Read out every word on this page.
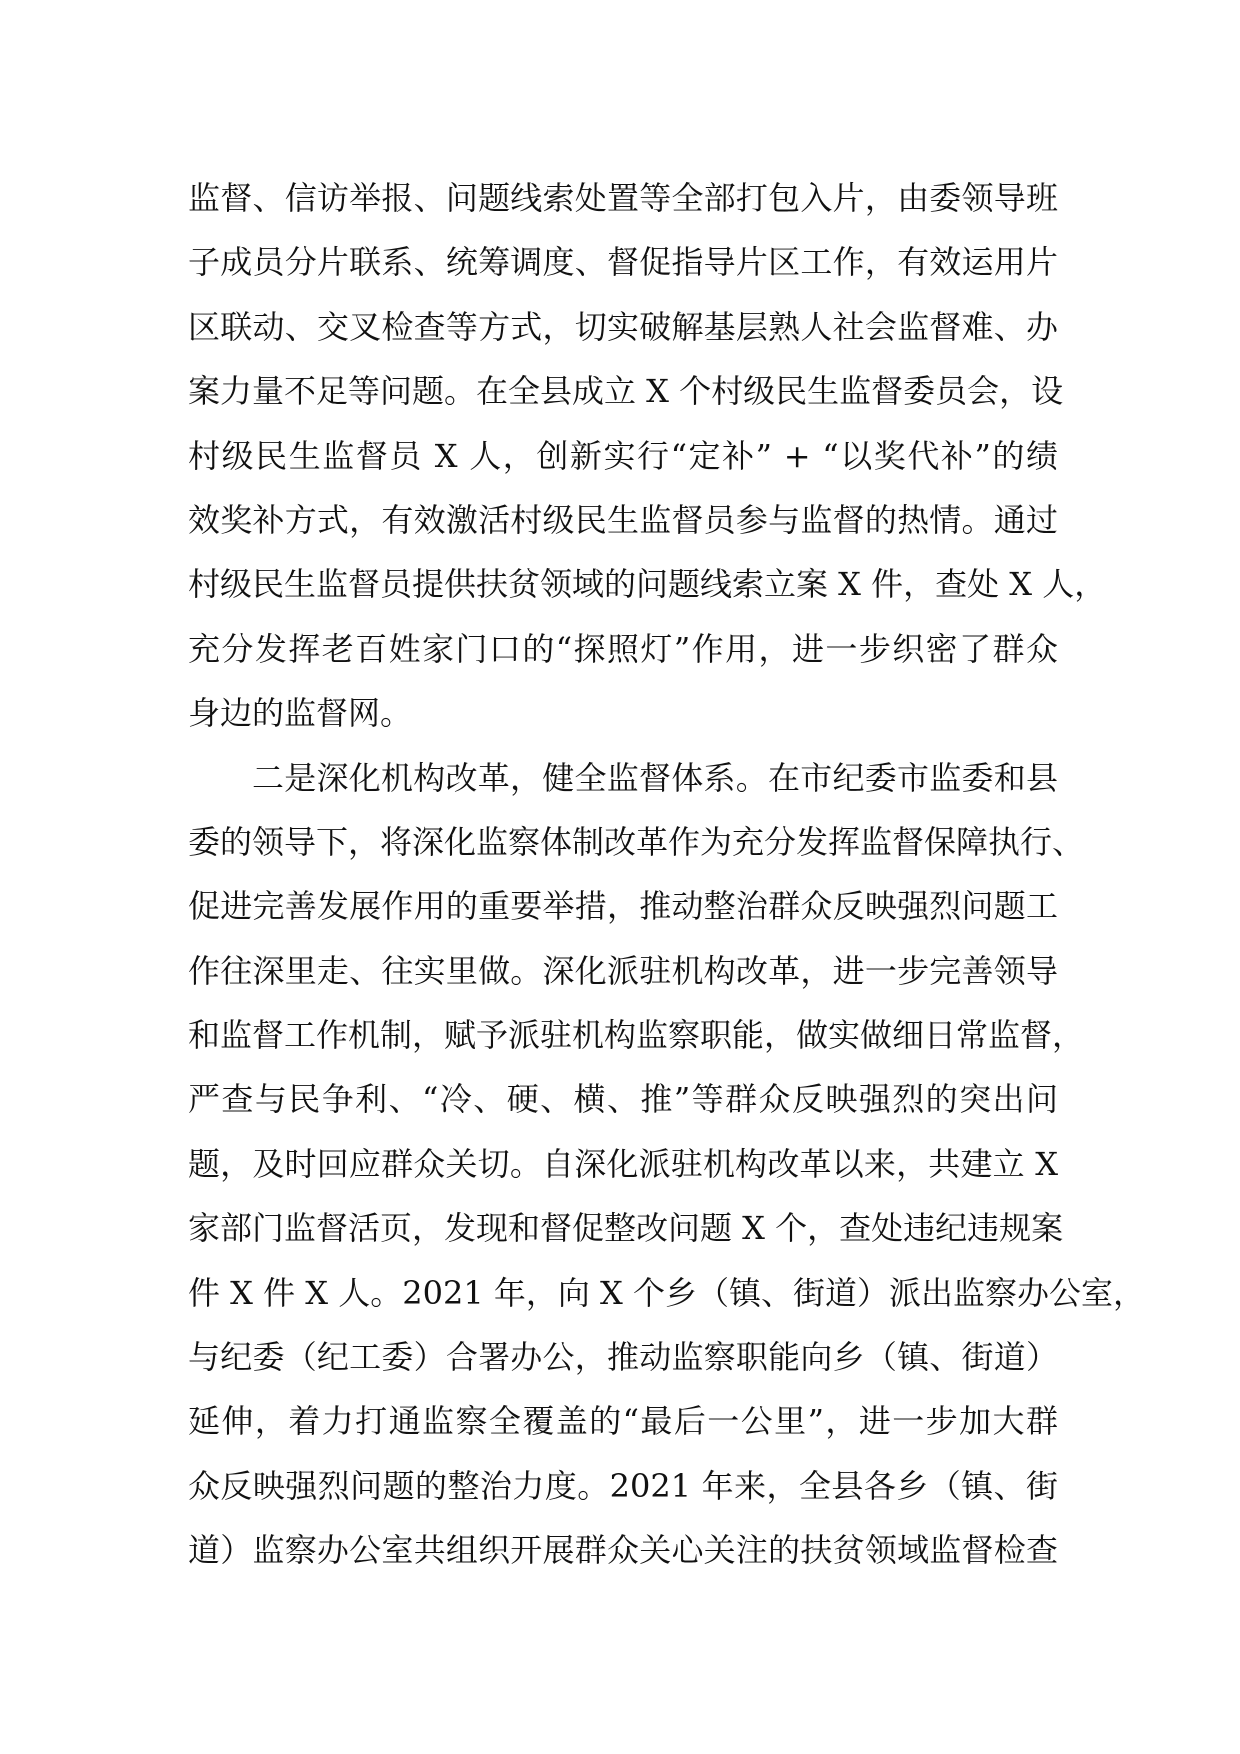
监督、信访举报、问题线索处置等全部打包入片，由委领导班
子成员分片联系、统筹调度、督促指导片区工作，有效运用片
区联动、交叉检查等方式，切实破解基层熟人社会监督难、办
案力量不足等问题。在全县成立 X 个村级民生监督委员会，设
村级民生监督员 X 人，创新实行“定补” + “以奖代补”的绩
效奖补方式，有效激活村级民生监督员参与监督的热情。通过
村级民生监督员提供扶贫领域的问题线索立案 X 件，查处 X 人，
充分发挥老百姓家门口的“探照灯”作用，进一步织密了群众
身边的监督网。
二是深化机构改革，健全监督体系。在市纪委市监委和县
委的领导下，将深化监察体制改革作为充分发挥监督保障执行、
促进完善发展作用的重要举措，推动整治群众反映强烈问题工
作往深里走、往实里做。深化派驻机构改革，进一步完善领导
和监督工作机制，赋予派驻机构监察职能，做实做细日常监督，
严查与民争利、“冷、硬、横、推”等群众反映强烈的突出问
题，及时回应群众关切。自深化派驻机构改革以来，共建立 X
家部门监督活页，发现和督促整改问题 X 个，查处违纪违规案
件 X 件 X 人。2021 年，向 X 个乡（镇、街道）派出监察办公室，
与纪委（纪工委）合署办公，推动监察职能向乡（镇、街道）
延伸，着力打通监察全覆盖的“最后一公里”，进一步加大群
众反映强烈问题的整治力度。2021 年来，全县各乡（镇、街
道）监察办公室共组织开展群众关心关注的扶贫领域监督检查
